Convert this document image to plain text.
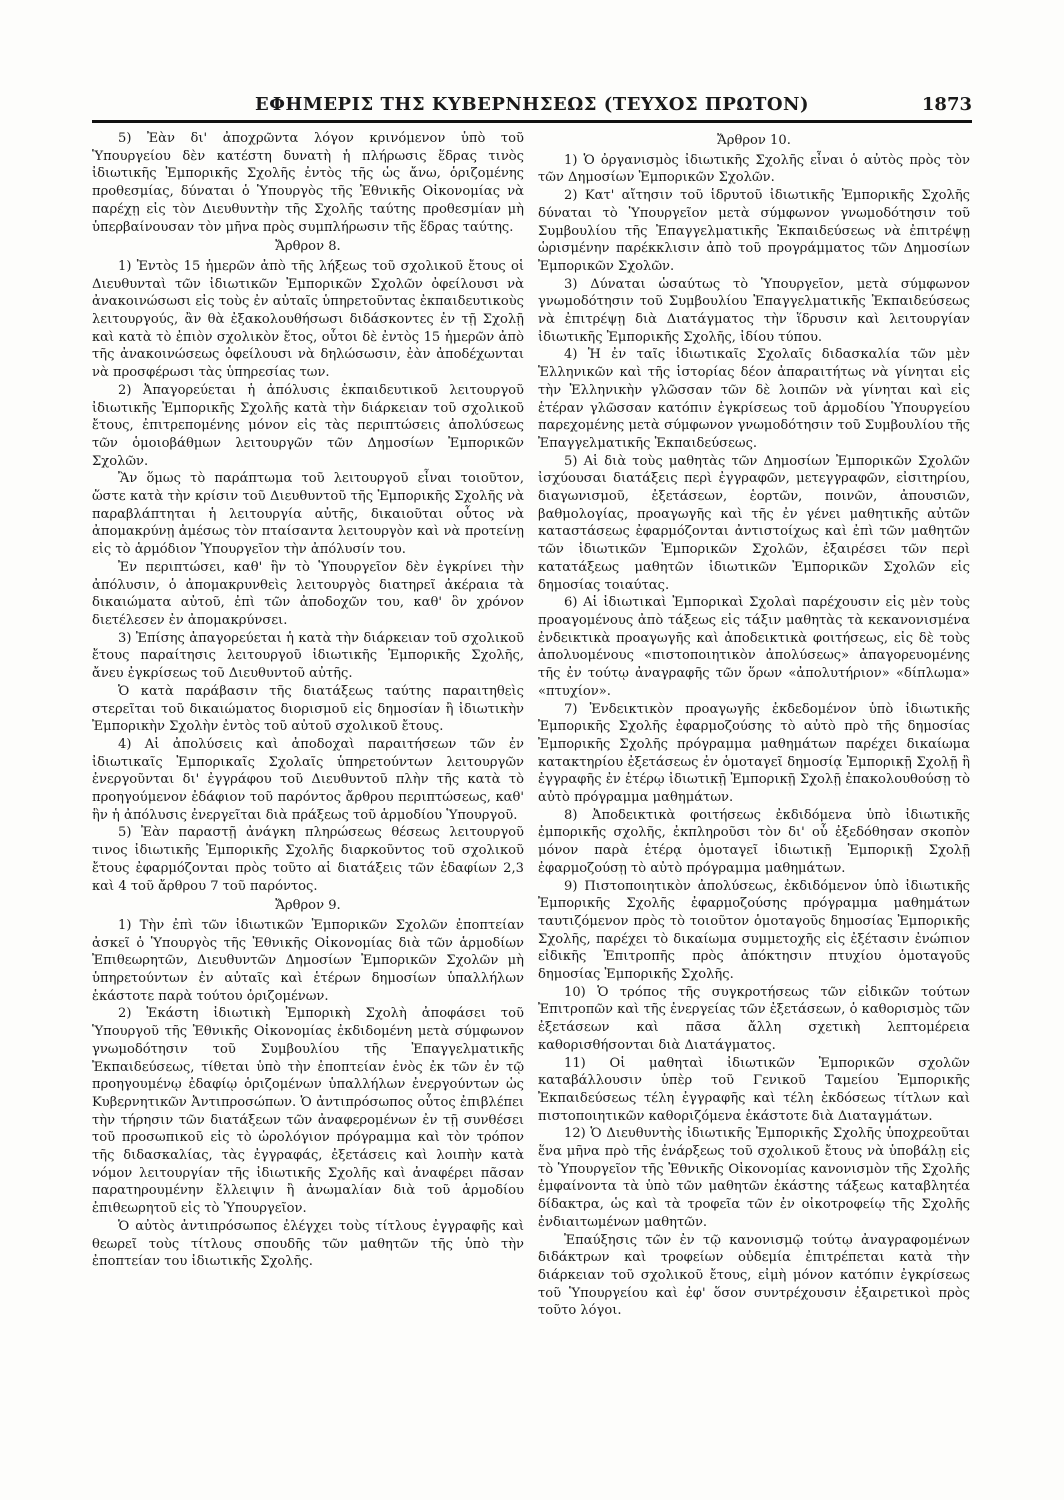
ΕΦΗΜΕΡΙΣ ΤΗΣ ΚΥΒΕΡΝΗΣΕΩΣ (ΤΕΥΧΟΣ ΠΡΩΤΟΝ)	1873

5) Ἐὰν δι' ἀποχρῶντα λόγον κρινόμενον ὑπὸ τοῦ Ὑπουργείου δὲν κατέστη δυνατὴ ἡ πλήρωσις ἕδρας τινὸς ἰδιωτικῆς Ἐμπορικῆς Σχολῆς ἐντὸς τῆς ὡς ἄνω, ὁριζομένης προθεσμίας, δύναται ὁ Ὑπουργὸς τῆς Ἐθνικῆς Οἰκονομίας νὰ παρέχῃ εἰς τὸν Διευθυντὴν τῆς Σχολῆς ταύτης προθεσμίαν μὴ ὑπερβαίνουσαν τὸν μῆνα πρὸς συμπλήρωσιν τῆς ἕδρας ταύτης.

Ἄρθρον 8.

1) Ἐντὸς 15 ἡμερῶν ἀπὸ τῆς λήξεως τοῦ σχολικοῦ ἔτους οἱ Διευθυνταὶ τῶν ἰδιωτικῶν Ἐμπορικῶν Σχολῶν ὀφείλουσι νὰ ἀνακοινώσωσι εἰς τοὺς ἐν αὐταῖς ὑπηρετοῦντας ἐκπαιδευτικοὺς λειτουργούς, ἂν θὰ ἐξακολουθήσωσι διδάσκοντες ἐν τῇ Σχολῇ καὶ κατὰ τὸ ἐπιὸν σχολικὸν ἔτος, οὗτοι δὲ ἐντὸς 15 ἡμερῶν ἀπὸ τῆς ἀνακοινώσεως ὀφείλουσι νὰ δηλώσωσιν, ἐὰν ἀποδέχωνται νὰ προσφέρωσι τὰς ὑπηρεσίας των.

2) Ἀπαγορεύεται ἡ ἀπόλυσις ἐκπαιδευτικοῦ λειτουργοῦ ἰδιωτικῆς Ἐμπορικῆς Σχολῆς κατὰ τὴν διάρκειαν τοῦ σχολικοῦ ἔτους, ἐπιτρεπομένης μόνον εἰς τὰς περιπτώσεις ἀπολύσεως τῶν ὁμοιοβάθμων λειτουργῶν τῶν Δημοσίων Ἐμπορικῶν Σχολῶν.

Ἂν ὅμως τὸ παράπτωμα τοῦ λειτουργοῦ εἶναι τοιοῦτον, ὥστε κατὰ τὴν κρίσιν τοῦ Διευθυντοῦ τῆς Ἐμπορικῆς Σχολῆς νὰ παραβλάπτηται ἡ λειτουργία αὐτῆς, δικαιοῦται οὗτος νὰ ἀπομακρύνῃ ἀμέσως τὸν πταίσαντα λειτουργὸν καὶ νὰ προτείνῃ εἰς τὸ ἁρμόδιον Ὑπουργεῖον τὴν ἀπόλυσίν του.

Ἐν περιπτώσει, καθ' ἣν τὸ Ὑπουργεῖον δὲν ἐγκρίνει τὴν ἀπόλυσιν, ὁ ἀπομακρυνθεὶς λειτουργὸς διατηρεῖ ἀκέραια τὰ δικαιώματα αὐτοῦ, ἐπὶ τῶν ἀποδοχῶν του, καθ' ὃν χρόνον διετέλεσεν ἐν ἀπομακρύνσει.

3) Ἐπίσης ἀπαγορεύεται ἡ κατὰ τὴν διάρκειαν τοῦ σχολικοῦ ἔτους παραίτησις λειτουργοῦ ἰδιωτικῆς Ἐμπορικῆς Σχολῆς, ἄνευ ἐγκρίσεως τοῦ Διευθυντοῦ αὐτῆς.

Ὁ κατὰ παράβασιν τῆς διατάξεως ταύτης παραιτηθεὶς στερεῖται τοῦ δικαιώματος διορισμοῦ εἰς δημοσίαν ἢ ἰδιωτικὴν Ἐμπορικὴν Σχολὴν ἐντὸς τοῦ αὐτοῦ σχολικοῦ ἔτους.

4) Αἱ ἀπολύσεις καὶ ἀποδοχαὶ παραιτήσεων τῶν ἐν ἰδιωτικαῖς Ἐμπορικαῖς Σχολαῖς ὑπηρετούντων λειτουργῶν ἐνεργοῦνται δι' ἐγγράφου τοῦ Διευθυντοῦ πλὴν τῆς κατὰ τὸ προηγούμενον ἐδάφιον τοῦ παρόντος ἄρθρου περιπτώσεως, καθ' ἣν ἡ ἀπόλυσις ἐνεργεῖται διὰ πράξεως τοῦ ἁρμοδίου Ὑπουργοῦ.

5) Ἐὰν παραστῇ ἀνάγκη πληρώσεως θέσεως λειτουργοῦ τινος ἰδιωτικῆς Ἐμπορικῆς Σχολῆς διαρκοῦντος τοῦ σχολικοῦ ἔτους ἐφαρμόζονται πρὸς τοῦτο αἱ διατάξεις τῶν ἐδαφίων 2,3 καὶ 4 τοῦ ἄρθρου 7 τοῦ παρόντος.

Ἄρθρον 9.

1) Τὴν ἐπὶ τῶν ἰδιωτικῶν Ἐμπορικῶν Σχολῶν ἐποπτείαν ἀσκεῖ ὁ Ὑπουργὸς τῆς Ἐθνικῆς Οἰκονομίας διὰ τῶν ἁρμοδίων Ἐπιθεωρητῶν, Διευθυντῶν Δημοσίων Ἐμπορικῶν Σχολῶν μὴ ὑπηρετούντων ἐν αὐταῖς καὶ ἑτέρων δημοσίων ὑπαλλήλων ἑκάστοτε παρὰ τούτου ὁριζομένων.

2) Ἑκάστη ἰδιωτικὴ Ἐμπορικὴ Σχολὴ ἀποφάσει τοῦ Ὑπουργοῦ τῆς Ἐθνικῆς Οἰκονομίας ἐκδιδομένη μετὰ σύμφωνον γνωμοδότησιν τοῦ Συμβουλίου τῆς Ἐπαγγελματικῆς Ἐκπαιδεύσεως, τίθεται ὑπὸ τὴν ἐποπτείαν ἑνὸς ἐκ τῶν ἐν τῷ προηγουμένῳ ἐδαφίῳ ὁριζομένων ὑπαλλήλων ἐνεργούντων ὡς Κυβερνητικῶν Ἀντιπροσώπων. Ὁ ἀντιπρόσωπος οὗτος ἐπιβλέπει τὴν τήρησιν τῶν διατάξεων τῶν ἀναφερομένων ἐν τῇ συνθέσει τοῦ προσωπικοῦ εἰς τὸ ὡρολόγιον πρόγραμμα καὶ τὸν τρόπον τῆς διδασκαλίας, τὰς ἐγγραφάς, ἐξετάσεις καὶ λοιπὴν κατὰ νόμον λειτουργίαν τῆς ἰδιωτικῆς Σχολῆς καὶ ἀναφέρει πᾶσαν παρατηρουμένην ἔλλειψιν ἢ ἀνωμαλίαν διὰ τοῦ ἁρμοδίου ἐπιθεωρητοῦ εἰς τὸ Ὑπουργεῖον.

Ὁ αὐτὸς ἀντιπρόσωπος ἐλέγχει τοὺς τίτλους ἐγγραφῆς καὶ θεωρεῖ τοὺς τίτλους σπουδῆς τῶν μαθητῶν τῆς ὑπὸ τὴν ἐποπτείαν του ἰδιωτικῆς Σχολῆς.

Ἄρθρον 10.

1) Ὁ ὀργανισμὸς ἰδιωτικῆς Σχολῆς εἶναι ὁ αὐτὸς πρὸς τὸν τῶν Δημοσίων Ἐμπορικῶν Σχολῶν.

2) Κατ' αἴτησιν τοῦ ἱδρυτοῦ ἰδιωτικῆς Ἐμπορικῆς Σχολῆς δύναται τὸ Ὑπουργεῖον μετὰ σύμφωνον γνωμοδότησιν τοῦ Συμβουλίου τῆς Ἐπαγγελματικῆς Ἐκπαιδεύσεως νὰ ἐπιτρέψῃ ὡρισμένην παρέκκλισιν ἀπὸ τοῦ προγράμματος τῶν Δημοσίων Ἐμπορικῶν Σχολῶν.

3) Δύναται ὡσαύτως τὸ Ὑπουργεῖον, μετὰ σύμφωνον γνωμοδότησιν τοῦ Συμβουλίου Ἐπαγγελματικῆς Ἐκπαιδεύσεως νὰ ἐπιτρέψῃ διὰ Διατάγματος τὴν ἵδρυσιν καὶ λειτουργίαν ἰδιωτικῆς Ἐμπορικῆς Σχολῆς, ἰδίου τύπου.

4) Ἡ ἐν ταῖς ἰδιωτικαῖς Σχολαῖς διδασκαλία τῶν μὲν Ἑλληνικῶν καὶ τῆς ἱστορίας δέον ἀπαραιτήτως νὰ γίνηται εἰς τὴν Ἑλληνικὴν γλῶσσαν τῶν δὲ λοιπῶν νὰ γίνηται καὶ εἰς ἑτέραν γλῶσσαν κατόπιν ἐγκρίσεως τοῦ ἁρμοδίου Ὑπουργείου παρεχομένης μετὰ σύμφωνον γνωμοδότησιν τοῦ Συμβουλίου τῆς Ἐπαγγελματικῆς Ἐκπαιδεύσεως.

5) Αἱ διὰ τοὺς μαθητὰς τῶν Δημοσίων Ἐμπορικῶν Σχολῶν ἰσχύουσαι διατάξεις περὶ ἐγγραφῶν, μετεγγραφῶν, εἰσιτηρίου, διαγωνισμοῦ, ἐξετάσεων, ἑορτῶν, ποινῶν, ἀπουσιῶν, βαθμολογίας, προαγωγῆς καὶ τῆς ἐν γένει μαθητικῆς αὐτῶν καταστάσεως ἐφαρμόζονται ἀντιστοίχως καὶ ἐπὶ τῶν μαθητῶν τῶν ἰδιωτικῶν Ἐμπορικῶν Σχολῶν, ἐξαιρέσει τῶν περὶ κατατάξεως μαθητῶν ἰδιωτικῶν Ἐμπορικῶν Σχολῶν εἰς δημοσίας τοιαύτας.

6) Αἱ ἰδιωτικαὶ Ἐμπορικαὶ Σχολαὶ παρέχουσιν εἰς μὲν τοὺς προαγομένους ἀπὸ τάξεως εἰς τάξιν μαθητὰς τὰ κεκανονισμένα ἐνδεικτικὰ προαγωγῆς καὶ ἀποδεικτικὰ φοιτήσεως, εἰς δὲ τοὺς ἀπολυομένους «πιστοποιητικὸν ἀπολύσεως» ἀπαγορευομένης τῆς ἐν τούτῳ ἀναγραφῆς τῶν ὅρων «ἀπολυτήριον» «δίπλωμα» «πτυχίον».

7) Ἐνδεικτικὸν προαγωγῆς ἐκδεδομένον ὑπὸ ἰδιωτικῆς Ἐμπορικῆς Σχολῆς ἐφαρμοζούσης τὸ αὐτὸ πρὸ τῆς δημοσίας Ἐμπορικῆς Σχολῆς πρόγραμμα μαθημάτων παρέχει δικαίωμα κατακτηρίου ἐξετάσεως ἐν ὁμοταγεῖ δημοσίᾳ Ἐμπορικῇ Σχολῇ ἢ ἐγγραφῆς ἐν ἑτέρῳ ἰδιωτικῇ Ἐμπορικῇ Σχολῇ ἐπακολουθούσῃ τὸ αὐτὸ πρόγραμμα μαθημάτων.

8) Ἀποδεικτικὰ φοιτήσεως ἐκδιδόμενα ὑπὸ ἰδιωτικῆς ἐμπορικῆς σχολῆς, ἐκπληροῦσι τὸν δι' οὗ ἐξεδόθησαν σκοπὸν μόνον παρὰ ἑτέρᾳ ὁμοταγεῖ ἰδιωτικῇ Ἐμπορικῇ Σχολῇ ἐφαρμοζούσῃ τὸ αὐτὸ πρόγραμμα μαθημάτων.

9) Πιστοποιητικὸν ἀπολύσεως, ἐκδιδόμενον ὑπὸ ἰδιωτικῆς Ἐμπορικῆς Σχολῆς ἐφαρμοζούσης πρόγραμμα μαθημάτων ταυτιζόμενον πρὸς τὸ τοιοῦτον ὁμοταγοῦς δημοσίας Ἐμπορικῆς Σχολῆς, παρέχει τὸ δικαίωμα συμμετοχῆς εἰς ἐξέτασιν ἐνώπιον εἰδικῆς Ἐπιτροπῆς πρὸς ἀπόκτησιν πτυχίου ὁμοταγοῦς δημοσίας Ἐμπορικῆς Σχολῆς.

10) Ὁ τρόπος τῆς συγκροτήσεως τῶν εἰδικῶν τούτων Ἐπιτροπῶν καὶ τῆς ἐνεργείας τῶν ἐξετάσεων, ὁ καθορισμὸς τῶν ἐξετάσεων καὶ πᾶσα ἄλλη σχετικὴ λεπτομέρεια καθορισθήσονται διὰ Διατάγματος.

11) Οἱ μαθηταὶ ἰδιωτικῶν Ἐμπορικῶν σχολῶν καταβάλλουσιν ὑπὲρ τοῦ Γενικοῦ Ταμείου Ἐμπορικῆς Ἐκπαιδεύσεως τέλη ἐγγραφῆς καὶ τέλη ἐκδόσεως τίτλων καὶ πιστοποιητικῶν καθοριζόμενα ἑκάστοτε διὰ Διαταγμάτων.

12) Ὁ Διευθυντὴς ἰδιωτικῆς Ἐμπορικῆς Σχολῆς ὑποχρεοῦται ἕνα μῆνα πρὸ τῆς ἐνάρξεως τοῦ σχολικοῦ ἔτους νὰ ὑποβάλῃ εἰς τὸ Ὑπουργεῖον τῆς Ἐθνικῆς Οἰκονομίας κανονισμὸν τῆς Σχολῆς ἐμφαίνοντα τὰ ὑπὸ τῶν μαθητῶν ἑκάστης τάξεως καταβλητέα δίδακτρα, ὡς καὶ τὰ τροφεῖα τῶν ἐν οἰκοτροφείῳ τῆς Σχολῆς ἐνδιαιτωμένων μαθητῶν.

Ἐπαύξησις τῶν ἐν τῷ κανονισμῷ τούτῳ ἀναγραφομένων διδάκτρων καὶ τροφείων οὐδεμία ἐπιτρέπεται κατὰ τὴν διάρκειαν τοῦ σχολικοῦ ἔτους, εἰμὴ μόνον κατόπιν ἐγκρίσεως τοῦ Ὑπουργείου καὶ ἐφ' ὅσον συντρέχουσιν ἐξαιρετικοὶ πρὸς τοῦτο λόγοι.
